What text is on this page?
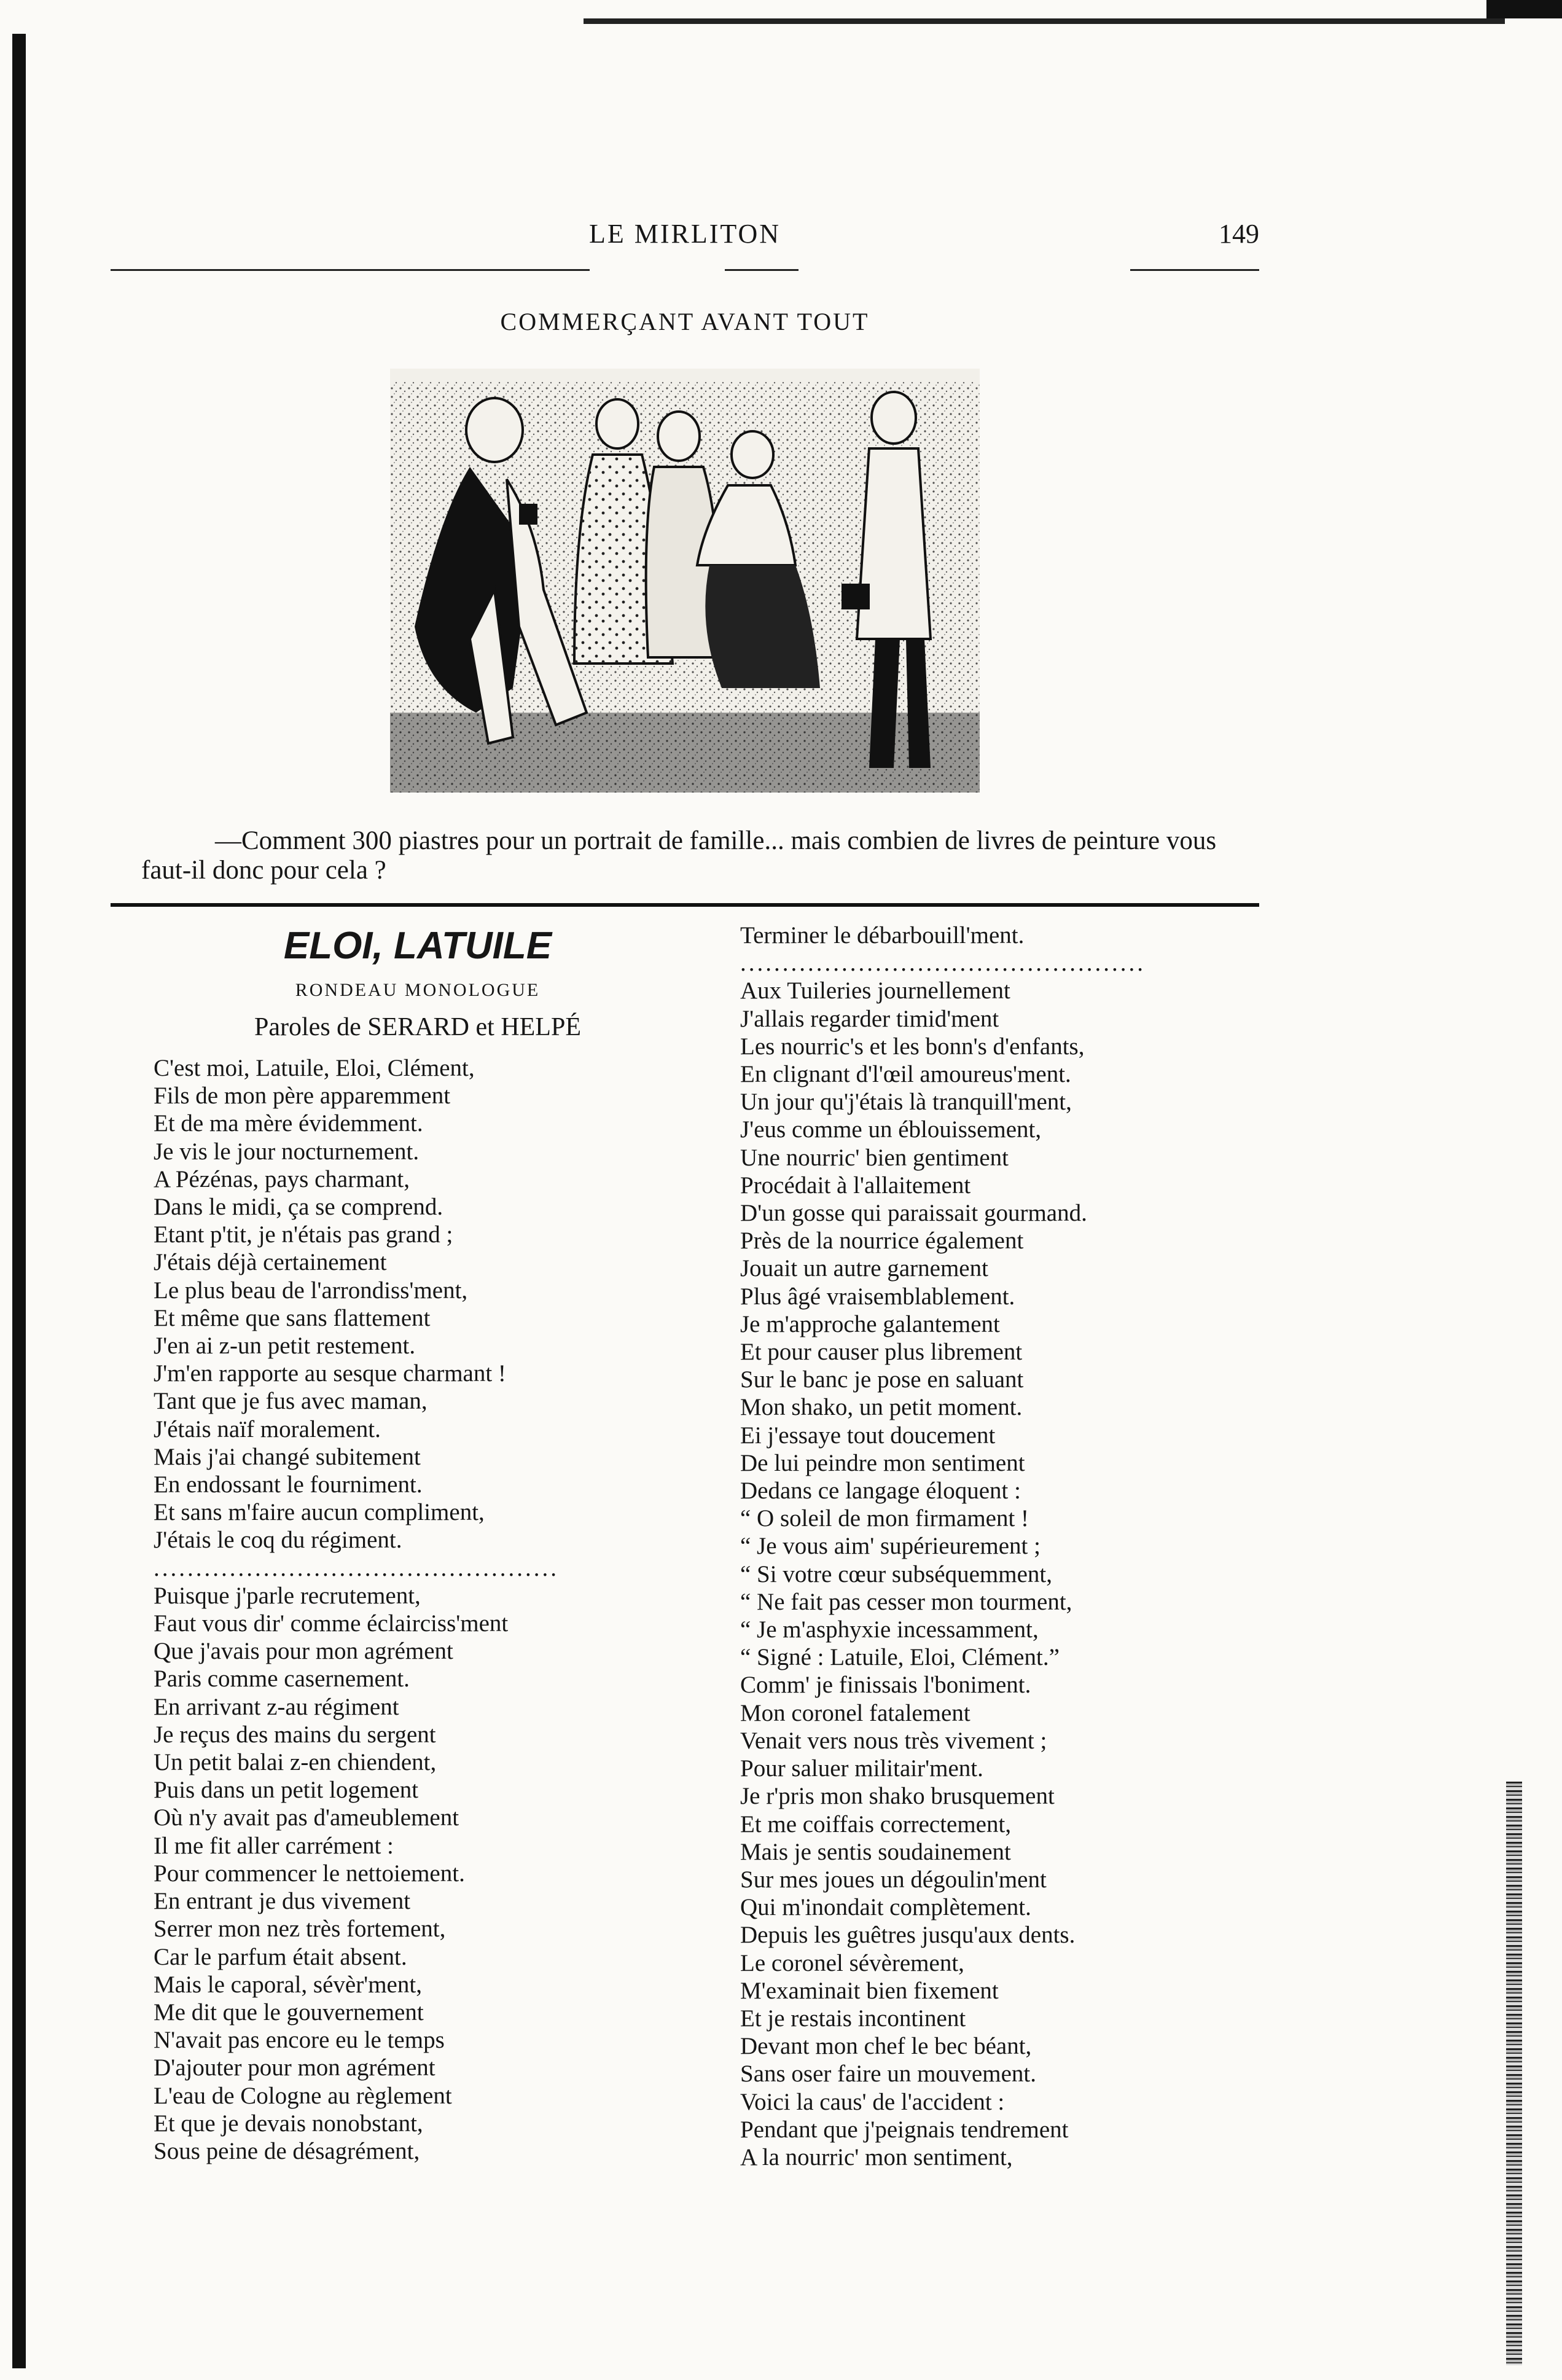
LE MIRLITON	149
COMMERÇANT AVANT TOUT

—Comment 300 piastres pour un portrait de famille... mais combien de livres de peinture vous faut-il donc pour cela ?

ELOI, LATUILE
RONDEAU MONOLOGUE
Paroles de SERARD et HELPÉ
C'est moi, Latuile, Eloi, Clément,
Fils de mon père apparemment
Et de ma mère évidemment.
Je vis le jour nocturnement.
A Pézénas, pays charmant,
Dans le midi, ça se comprend.
Etant p'tit, je n'étais pas grand ;
J'étais déjà certainement
Le plus beau de l'arrondiss'ment,
Et même que sans flattement
J'en ai z-un petit restement.
J'm'en rapporte au sesque charmant !
Tant que je fus avec maman,
J'étais naïf moralement.
Mais j'ai changé subitement
En endossant le fourniment.
Et sans m'faire aucun compliment,
J'étais le coq du régiment.
................................................
Puisque j'parle recrutement,
Faut vous dir' comme éclairciss'ment
Que j'avais pour mon agrément
Paris comme casernement.
En arrivant z-au régiment
Je reçus des mains du sergent
Un petit balai z-en chiendent,
Puis dans un petit logement
Où n'y avait pas d'ameublement
Il me fit aller carrément :
Pour commencer le nettoiement.
En entrant je dus vivement
Serrer mon nez très fortement,
Car le parfum était absent.
Mais le caporal, sévèr'ment,
Me dit que le gouvernement
N'avait pas encore eu le temps
D'ajouter pour mon agrément
L'eau de Cologne au règlement
Et que je devais nonobstant,
Sous peine de désagrément,
Terminer le débarbouill'ment.
................................................
Aux Tuileries journellement
J'allais regarder timid'ment
Les nourric's et les bonn's d'enfants,
En clignant d'l'œil amoureus'ment.
Un jour qu'j'étais là tranquill'ment,
J'eus comme un éblouissement,
Une nourric' bien gentiment
Procédait à l'allaitement
D'un gosse qui paraissait gourmand.
Près de la nourrice également
Jouait un autre garnement
Plus âgé vraisemblablement.
Je m'approche galantement
Et pour causer plus librement
Sur le banc je pose en saluant
Mon shako, un petit moment.
Ei j'essaye tout doucement
De lui peindre mon sentiment
Dedans ce langage éloquent :
“ O soleil de mon firmament !
“ Je vous aim' supérieurement ;
“ Si votre cœur subséquemment,
“ Ne fait pas cesser mon tourment,
“ Je m'asphyxie incessamment,
“ Signé : Latuile, Eloi, Clément.”
Comm' je finissais l'boniment.
Mon coronel fatalement
Venait vers nous très vivement ;
Pour saluer militair'ment.
Je r'pris mon shako brusquement
Et me coiffais correctement,
Mais je sentis soudainement
Sur mes joues un dégoulin'ment
Qui m'inondait complètement.
Depuis les guêtres jusqu'aux dents.
Le coronel sévèrement,
M'examinait bien fixement
Et je restais incontinent
Devant mon chef le bec béant,
Sans oser faire un mouvement.
Voici la caus' de l'accident :
Pendant que j'peignais tendrement
A la nourric' mon sentiment,
